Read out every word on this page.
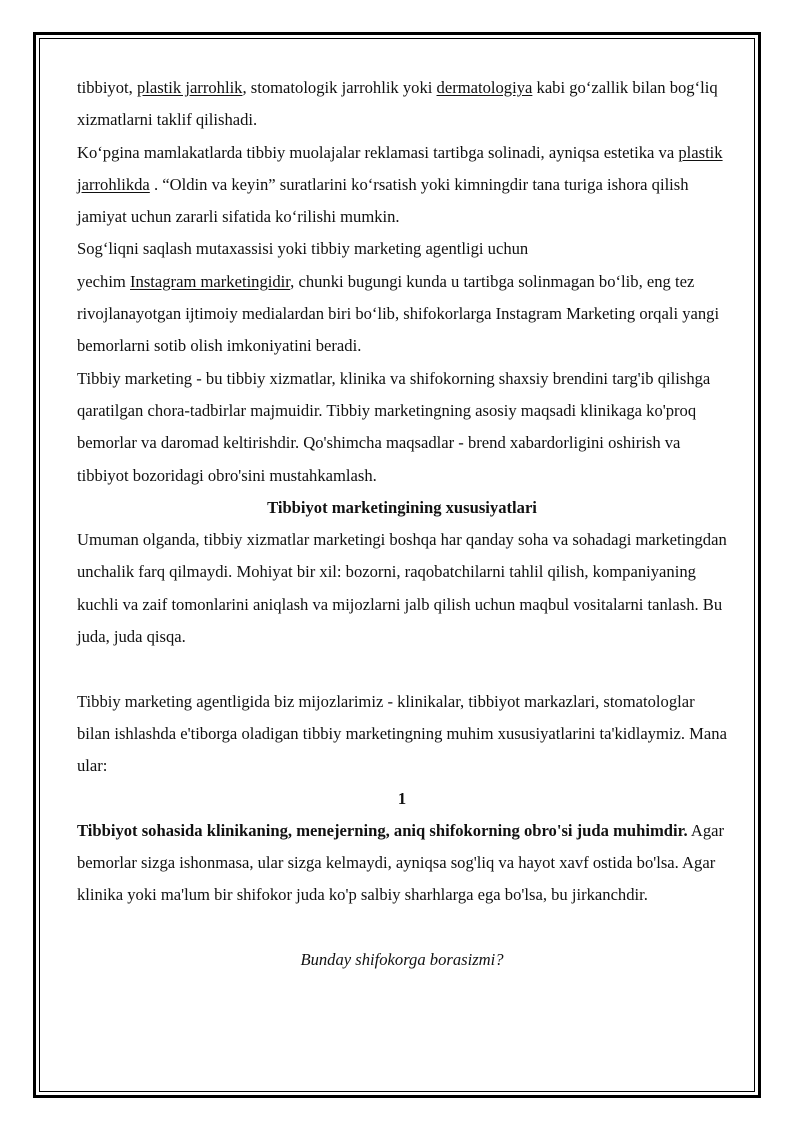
tibbiyot, plastik jarrohlik, stomatologik jarrohlik yoki dermatologiya kabi go‘zallik bilan bog‘liq xizmatlarni taklif qilishadi.

Ko‘pgina mamlakatlarda tibbiy muolajalar reklamasi tartibga solinadi, ayniqsa estetika va plastik jarrohlikda . “Oldin va keyin” suratlarini ko‘rsatish yoki kimningdir tana turiga ishora qilish jamiyat uchun zararli sifatida ko‘rilishi mumkin.

Sog‘liqni saqlash mutaxassisi yoki tibbiy marketing agentligi uchun
yechim Instagram marketingidir, chunki bugungi kunda u tartibga solinmagan bo‘lib, eng tez rivojlanayotgan ijtimoiy medialardan biri bo‘lib, shifokorlarga Instagram Marketing orqali yangi bemorlarni sotib olish imkoniyatini beradi.

Tibbiy marketing - bu tibbiy xizmatlar, klinika va shifokorning shaxsiy brendini targ'ib qilishga qaratilgan chora-tadbirlar majmuidir. Tibbiy marketingning asosiy maqsadi klinikaga ko'proq bemorlar va daromad keltirishdir. Qo'shimcha maqsadlar - brend xabardorligini oshirish va tibbiyot bozoridagi obro'sini mustahkamlash.

Tibbiyot marketingining xususiyatlari

Umuman olganda, tibbiy xizmatlar marketingi boshqa har qanday soha va sohadagi marketingdan unchalik farq qilmaydi. Mohiyat bir xil: bozorni, raqobatchilarni tahlil qilish, kompaniyaning kuchli va zaif tomonlarini aniqlash va mijozlarni jalb qilish uchun maqbul vositalarni tanlash. Bu juda, juda qisqa.

Tibbiy marketing agentligida biz mijozlarimiz - klinikalar, tibbiyot markazlari, stomatologlar bilan ishlashda e'tiborga oladigan tibbiy marketingning muhim xususiyatlarini ta'kidlaymiz. Mana ular:

1

Tibbiyot sohasida klinikaning, menejerning, aniq shifokorning obro'si juda muhimdir. Agar bemorlar sizga ishonmasa, ular sizga kelmaydi, ayniqsa sog'liq va hayot xavf ostida bo'lsa. Agar klinika yoki ma'lum bir shifokor juda ko'p salbiy sharhlarga ega bo'lsa, bu jirkanchdir.

Bunday shifokorga borasizmi?
